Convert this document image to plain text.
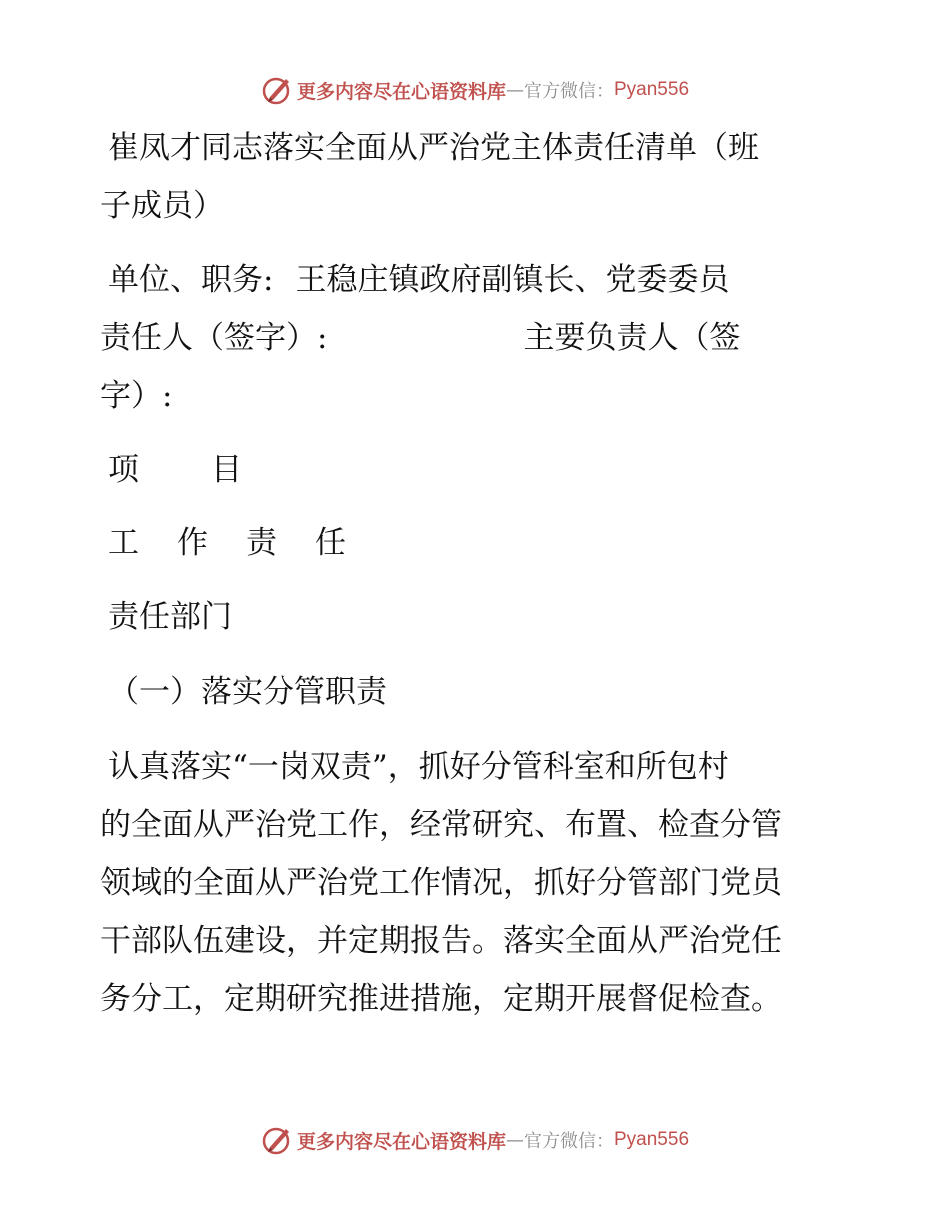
更多内容尽在心语资料库 — 官方微信： Pyan556
崔凤才同志落实全面从严治党主体责任清单（班
子成员）
单位、职务: 王稳庄镇政府副镇长、党委委员
责任人（签字）:	主要负责人（签
字）:
项 目
工 作 责 任
责任部门
（一）落实分管职责
认真落实“一岗双责”，抓好分管科室和所包村
的全面从严治党工作，经常研究、布置、检查分管
领域的全面从严治党工作情况，抓好分管部门党员
干部队伍建设，并定期报告。落实全面从严治党任
务分工，定期研究推进措施，定期开展督促检查。
更多内容尽在心语资料库 — 官方微信： Pyan556
